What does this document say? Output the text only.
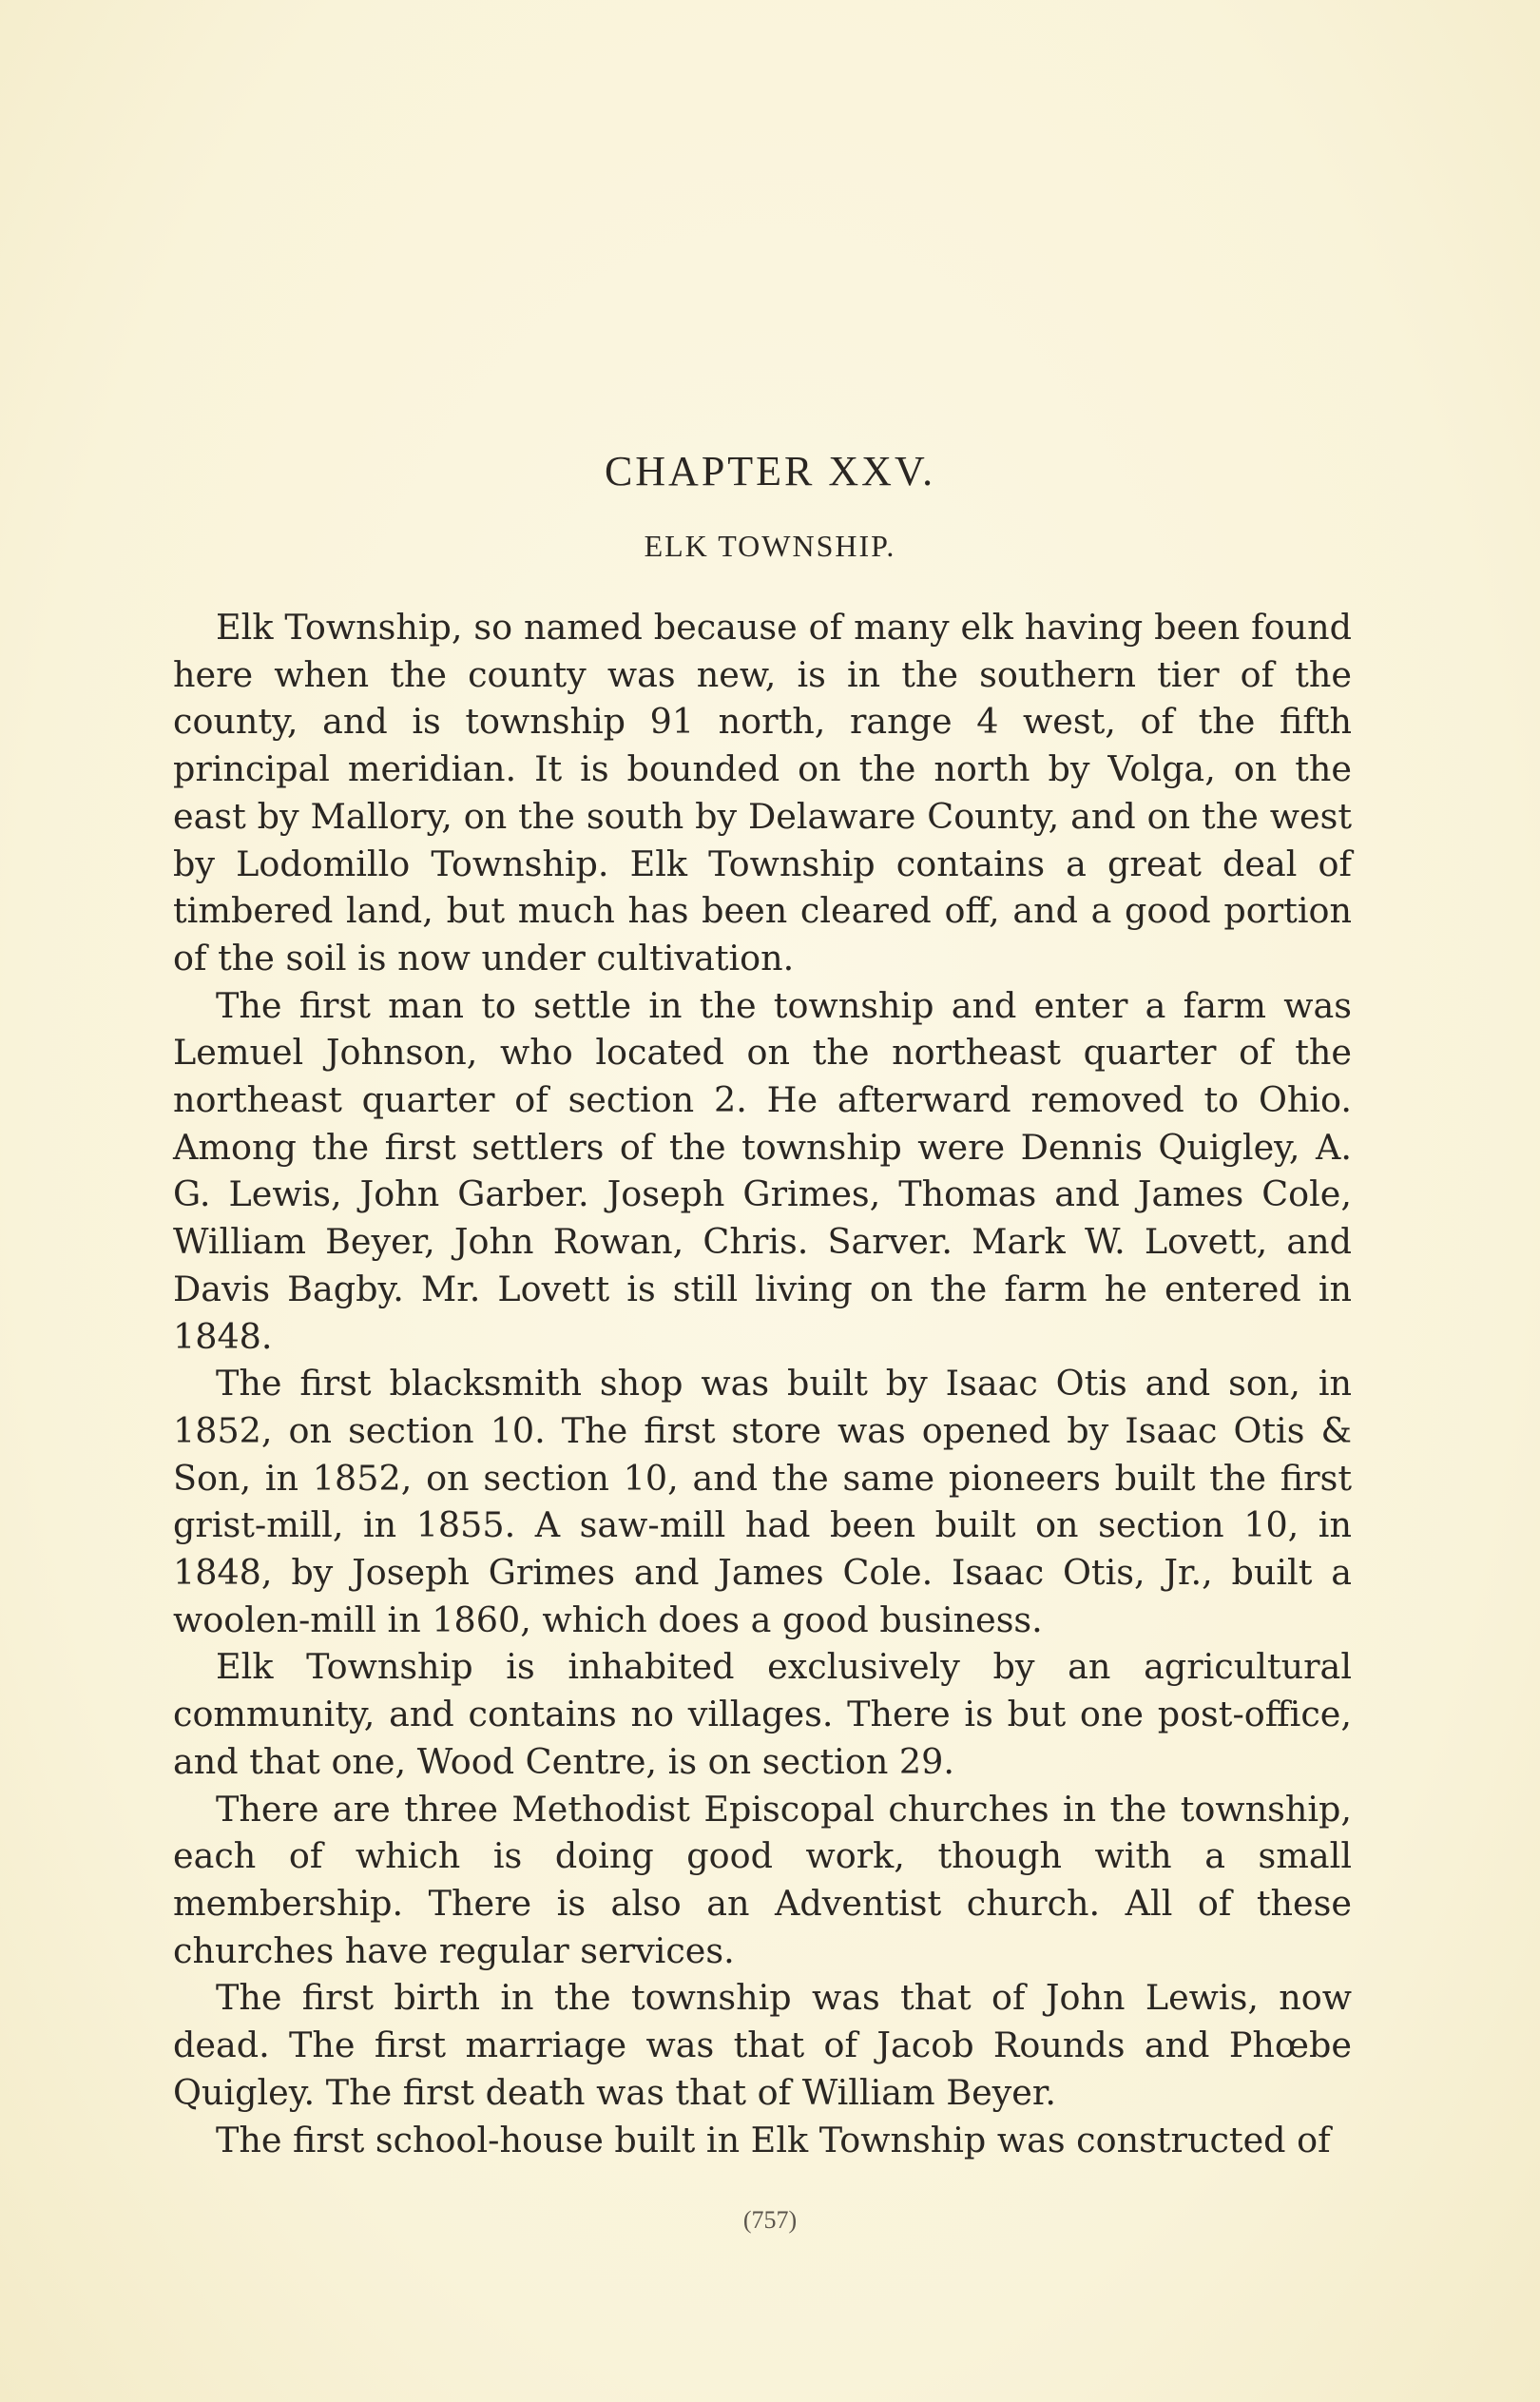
CHAPTER XXV.
ELK TOWNSHIP.

Elk Township, so named because of many elk having been found here when the county was new, is in the southern tier of the county, and is township 91 north, range 4 west, of the fifth principal meridian. It is bounded on the north by Volga, on the east by Mallory, on the south by Delaware County, and on the west by Lodomillo Township. Elk Township contains a great deal of timbered land, but much has been cleared off, and a good portion of the soil is now under cultivation.

The first man to settle in the township and enter a farm was Lemuel Johnson, who located on the northeast quarter of the northeast quarter of section 2. He afterward removed to Ohio. Among the first settlers of the township were Dennis Quigley, A. G. Lewis, John Garber. Joseph Grimes, Thomas and James Cole, William Beyer, John Rowan, Chris. Sarver. Mark W. Lovett, and Davis Bagby. Mr. Lovett is still living on the farm he entered in 1848.

The first blacksmith shop was built by Isaac Otis and son, in 1852, on section 10. The first store was opened by Isaac Otis & Son, in 1852, on section 10, and the same pioneers built the first grist-mill, in 1855. A saw-mill had been built on section 10, in 1848, by Joseph Grimes and James Cole. Isaac Otis, Jr., built a woolen-mill in 1860, which does a good business.

Elk Township is inhabited exclusively by an agricultural community, and contains no villages. There is but one post-office, and that one, Wood Centre, is on section 29.

There are three Methodist Episcopal churches in the township, each of which is doing good work, though with a small membership. There is also an Adventist church. All of these churches have regular services.

The first birth in the township was that of John Lewis, now dead. The first marriage was that of Jacob Rounds and Phœbe Quigley. The first death was that of William Beyer.

The first school-house built in Elk Township was constructed of

(757)
